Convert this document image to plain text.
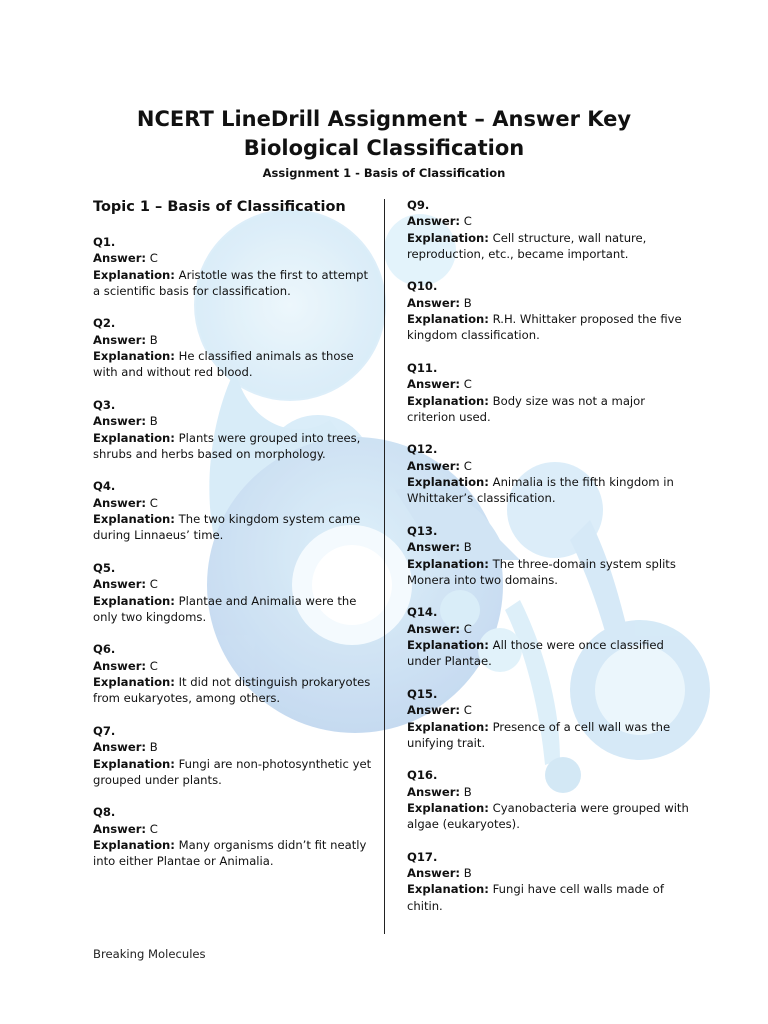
NCERT LineDrill Assignment – Answer Key
Biological Classification
Assignment 1 - Basis of Classification
Topic 1 – Basis of Classification
Q1.
Answer: C
Explanation: Aristotle was the first to attempt a scientific basis for classification.
Q2.
Answer: B
Explanation: He classified animals as those with and without red blood.
Q3.
Answer: B
Explanation: Plants were grouped into trees, shrubs and herbs based on morphology.
Q4.
Answer: C
Explanation: The two kingdom system came during Linnaeus’ time.
Q5.
Answer: C
Explanation: Plantae and Animalia were the only two kingdoms.
Q6.
Answer: C
Explanation: It did not distinguish prokaryotes from eukaryotes, among others.
Q7.
Answer: B
Explanation: Fungi are non-photosynthetic yet grouped under plants.
Q8.
Answer: C
Explanation: Many organisms didn’t fit neatly into either Plantae or Animalia.
Q9.
Answer: C
Explanation: Cell structure, wall nature, reproduction, etc., became important.
Q10.
Answer: B
Explanation: R.H. Whittaker proposed the five kingdom classification.
Q11.
Answer: C
Explanation: Body size was not a major criterion used.
Q12.
Answer: C
Explanation: Animalia is the fifth kingdom in Whittaker’s classification.
Q13.
Answer: B
Explanation: The three-domain system splits Monera into two domains.
Q14.
Answer: C
Explanation: All those were once classified under Plantae.
Q15.
Answer: C
Explanation: Presence of a cell wall was the unifying trait.
Q16.
Answer: B
Explanation: Cyanobacteria were grouped with algae (eukaryotes).
Q17.
Answer: B
Explanation: Fungi have cell walls made of chitin.
Breaking Molecules
